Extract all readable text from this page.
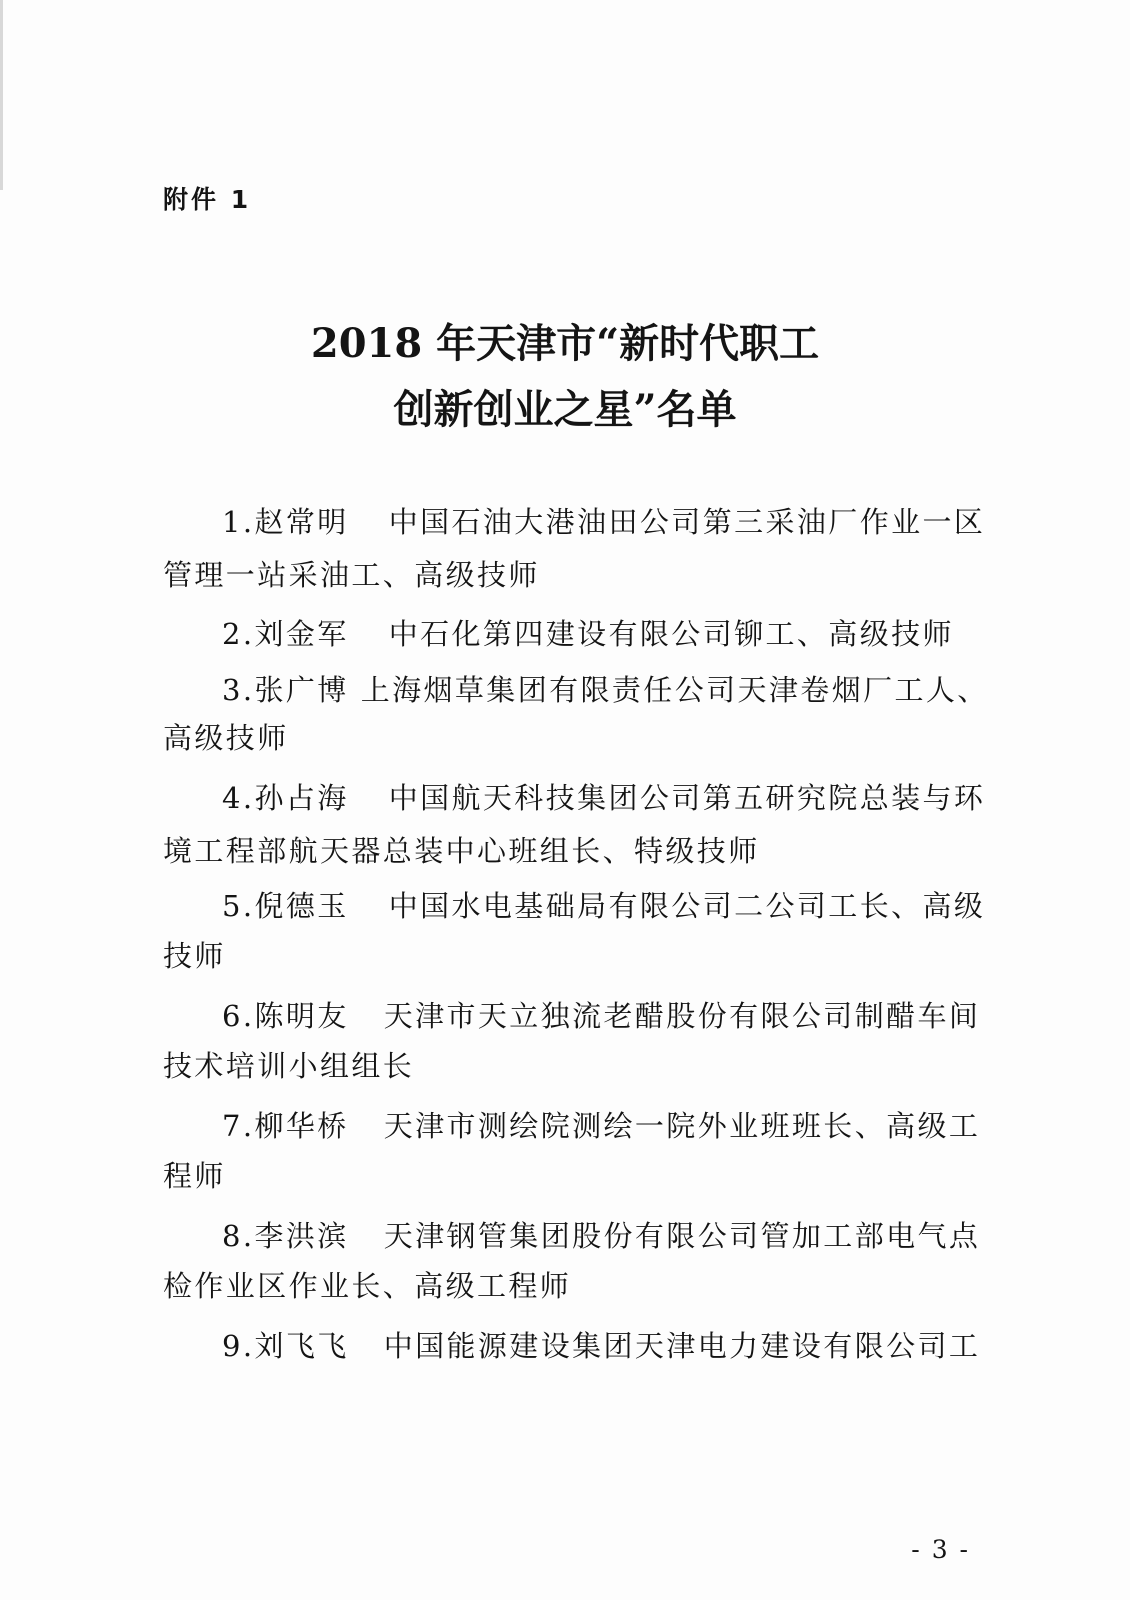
附件 1
2018 年天津市“新时代职工
创新创业之星”名单
1.赵常明 中国石油大港油田公司第三采油厂作业一区
管理一站采油工、高级技师
2.刘金军 中石化第四建设有限公司铆工、高级技师
3.张广博 上海烟草集团有限责任公司天津卷烟厂工人、
高级技师
4.孙占海 中国航天科技集团公司第五研究院总装与环
境工程部航天器总装中心班组长、特级技师
5.倪德玉 中国水电基础局有限公司二公司工长、高级
技师
6.陈明友 天津市天立独流老醋股份有限公司制醋车间
技术培训小组组长
7.柳华桥 天津市测绘院测绘一院外业班班长、高级工
程师
8.李洪滨 天津钢管集团股份有限公司管加工部电气点
检作业区作业长、高级工程师
9.刘飞飞 中国能源建设集团天津电力建设有限公司工
- 3 -
